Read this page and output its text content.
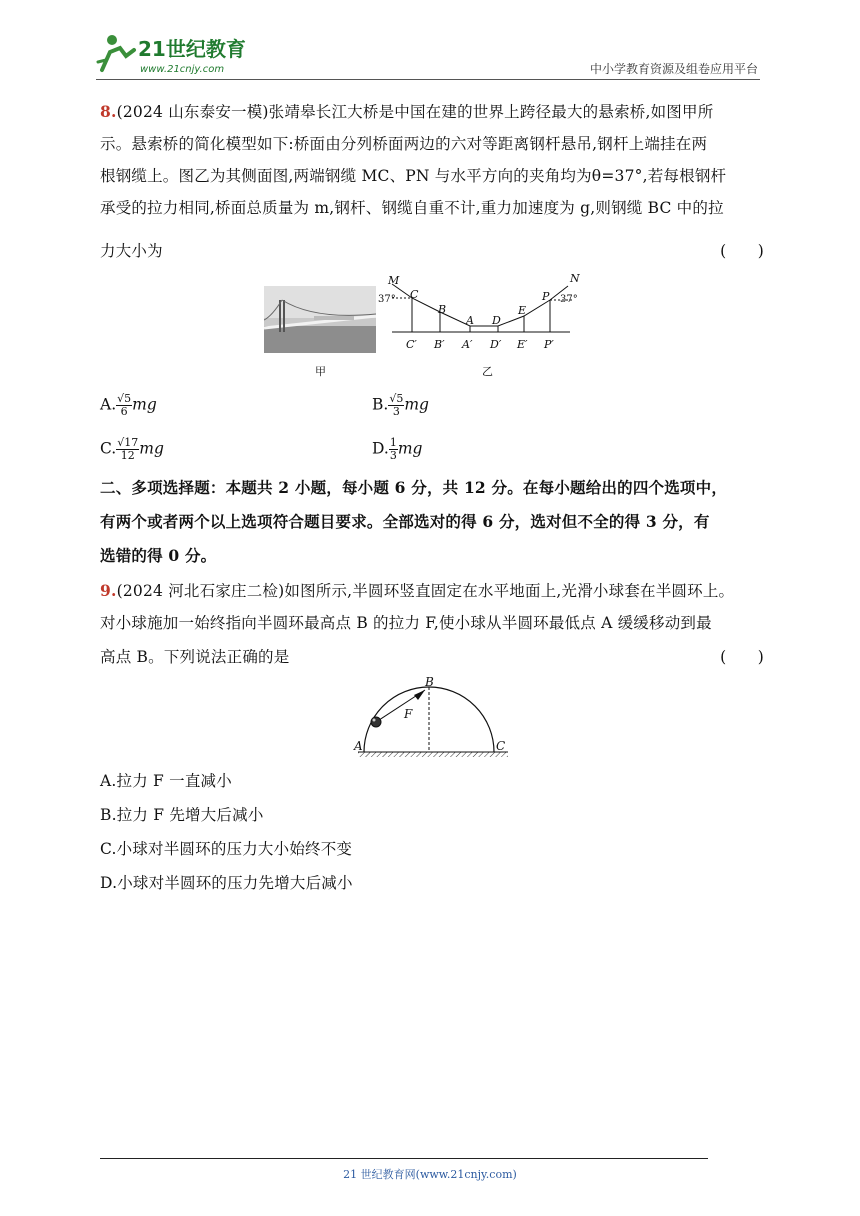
21世纪教育
www.21cnjy.com	中小学教育资源及组卷应用平台
8.(2024 山东泰安一模)张靖皋长江大桥是中国在建的世界上跨径最大的悬索桥,如图甲所
示。悬索桥的简化模型如下:桥面由分列桥面两边的六对等距离钢杆悬吊,钢杆上端挂在两
根钢缆上。图乙为其侧面图,两端钢缆 MC、PN 与水平方向的夹角均为θ=37°,若每根钢杆
承受的拉力相同,桥面总质量为 m,钢杆、钢缆自重不计,重力加速度为 g,则钢缆 BC 中的拉
力大小为	(　　)
甲
M	N
C
B
A D
E
P
37°	37°
C′ B′ A′ D′ E′ P′
乙
A. $\frac{√5}{6}$ mg	B. $\frac{√5}{3}$ mg
C. $\frac{√17}{12}$ mg	D. $\frac{1}{3}$ mg
二、多项选择题：本题共 2 小题，每小题 6 分，共 12 分。在每小题给出的四个选项中，
有两个或者两个以上选项符合题目要求。全部选对的得 6 分，选对但不全的得 3 分，有
选错的得 0 分。
9.(2024 河北石家庄二检)如图所示,半圆环竖直固定在水平地面上,光滑小球套在半圆环上。
对小球施加一始终指向半圆环最高点 B 的拉力 F,使小球从半圆环最低点 A 缓缓移动到最
高点 B。下列说法正确的是	(　　)
A
B
C
F
A.拉力 F 一直减小
B.拉力 F 先增大后减小
C.小球对半圆环的压力大小始终不变
D.小球对半圆环的压力先增大后减小
21 世纪教育网(www.21cnjy.com)
